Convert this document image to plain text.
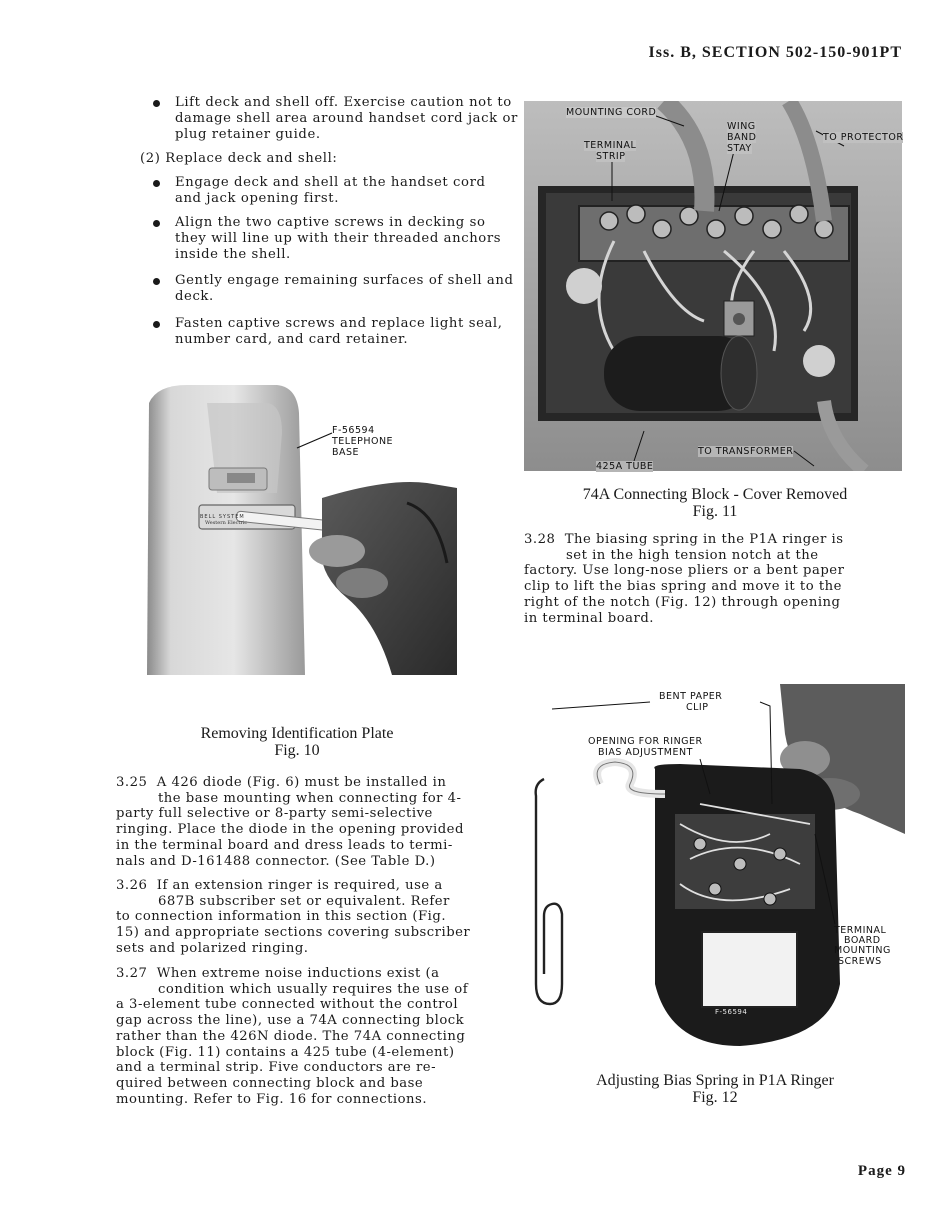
Iss. B, SECTION 502-150-901PT
Lift deck and shell off. Exercise caution not to damage shell area around handset cord jack or plug retainer guide.
(2) Replace deck and shell:
Engage deck and shell at the handset cord and jack opening first.
Align the two captive screws in decking so they will line up with their threaded anchors inside the shell.
Gently engage remaining surfaces of shell and deck.
Fasten captive screws and replace light seal, number card, and card retainer.
F-56594
TELEPHONE
BASE
BELL SYSTEM
Western Electric
Removing Identification Plate
Fig. 10
3.25 A 426 diode (Fig. 6) must be installed in
the base mounting when connecting for 4-
party full selective or 8-party semi-selective
ringing. Place the diode in the opening provided
in the terminal board and dress leads to termi-
nals and D-161488 connector. (See Table D.)
3.26 If an extension ringer is required, use a
687B subscriber set or equivalent. Refer
to connection information in this section (Fig.
15) and appropriate sections covering subscriber
sets and polarized ringing.
3.27 When extreme noise inductions exist (a
condition which usually requires the use of
a 3-element tube connected without the control
gap across the line), use a 74A connecting block
rather than the 426N diode. The 74A connecting
block (Fig. 11) contains a 425 tube (4-element)
and a terminal strip. Five conductors are re-
quired between connecting block and base
mounting. Refer to Fig. 16 for connections.
MOUNTING CORD
TERMINAL
STRIP
WING
BAND
STAY
TO PROTECTOR
TO TRANSFORMER
425A TUBE
74A Connecting Block - Cover Removed
Fig. 11
3.28 The biasing spring in the P1A ringer is
set in the high tension notch at the
factory. Use long-nose pliers or a bent paper
clip to lift the bias spring and move it to the
right of the notch (Fig. 12) through opening
in terminal board.
BENT PAPER
CLIP
OPENING FOR RINGER
BIAS ADJUSTMENT
TERMINAL
BOARD
MOUNTING
SCREWS
F-56594
Adjusting Bias Spring in P1A Ringer
Fig. 12
Page 9
